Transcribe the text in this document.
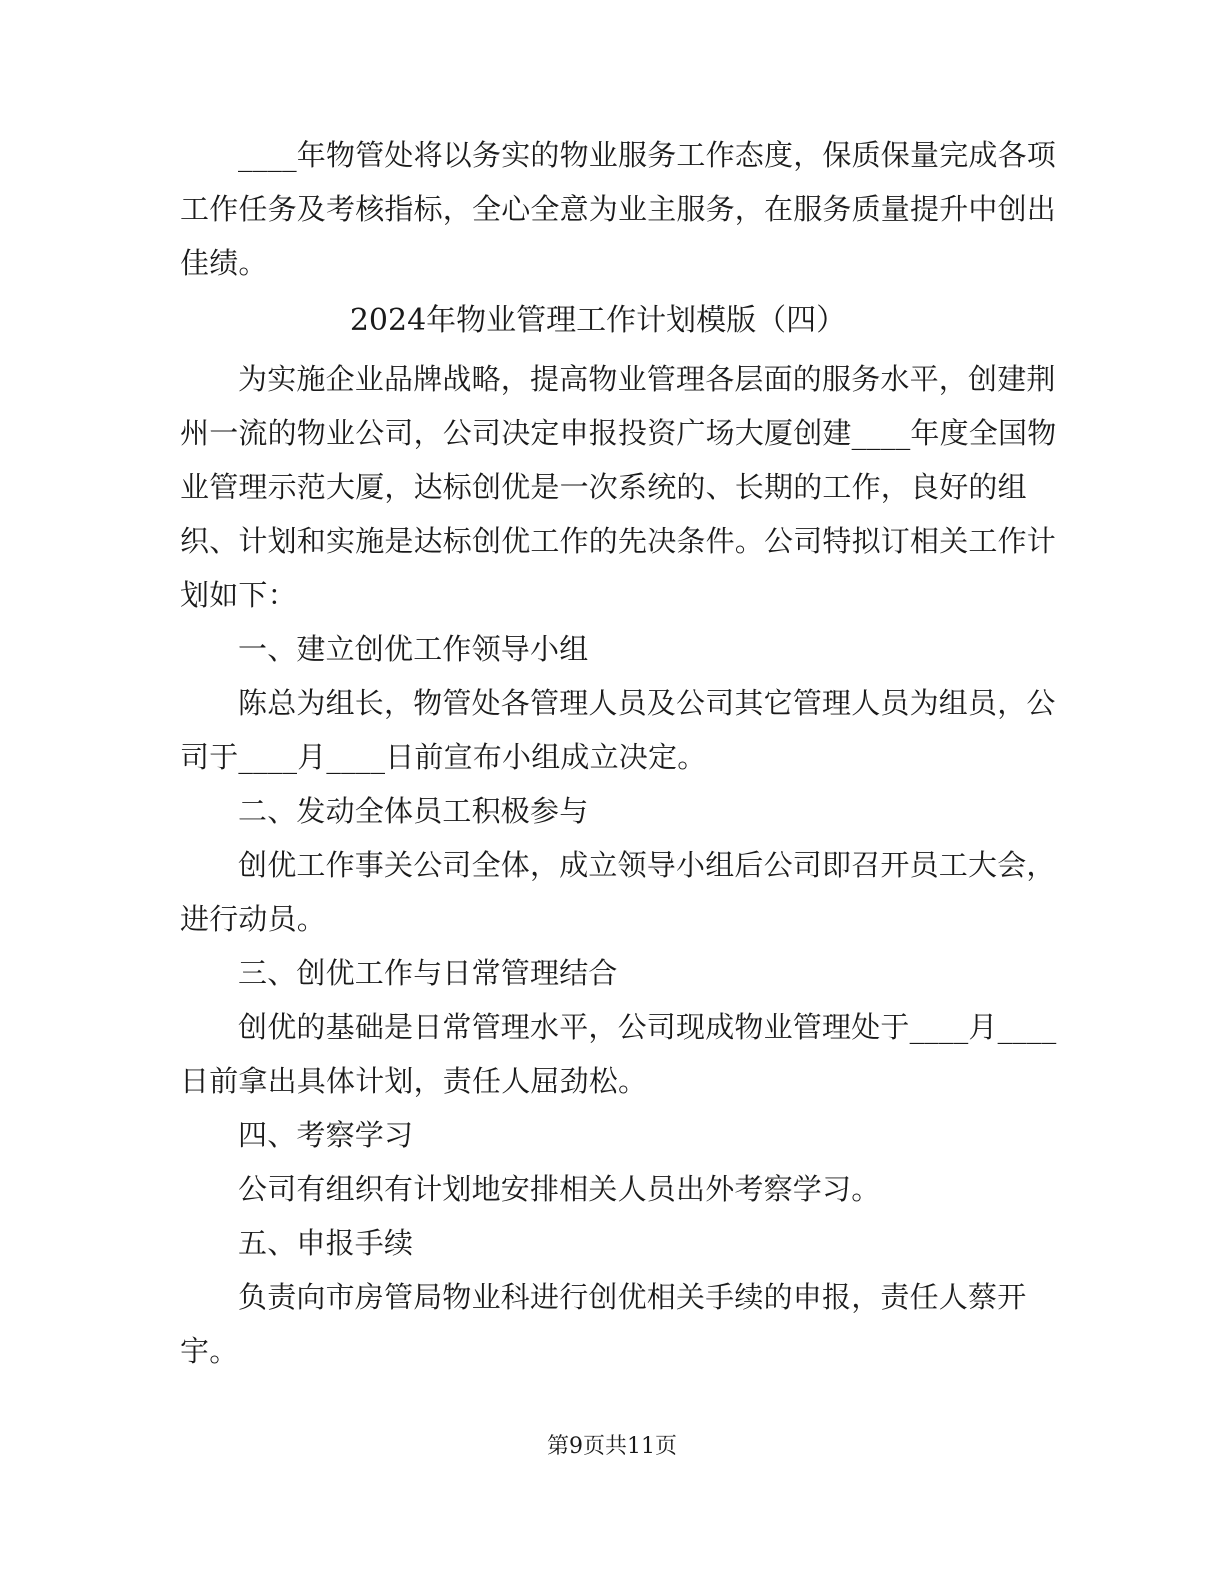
____年物管处将以务实的物业服务工作态度，保质保量完成各项
工作任务及考核指标，全心全意为业主服务，在服务质量提升中创出
佳绩。
2024年物业管理工作计划模版（四）
为实施企业品牌战略，提高物业管理各层面的服务水平，创建荆
州一流的物业公司，公司决定申报投资广场大厦创建____年度全国物
业管理示范大厦，达标创优是一次系统的、长期的工作，良好的组
织、计划和实施是达标创优工作的先决条件。公司特拟订相关工作计
划如下：
一、建立创优工作领导小组
陈总为组长，物管处各管理人员及公司其它管理人员为组员，公
司于____月____日前宣布小组成立决定。
二、发动全体员工积极参与
创优工作事关公司全体，成立领导小组后公司即召开员工大会，
进行动员。
三、创优工作与日常管理结合
创优的基础是日常管理水平，公司现成物业管理处于____月____
日前拿出具体计划，责任人屈劲松。
四、考察学习
公司有组织有计划地安排相关人员出外考察学习。
五、申报手续
负责向市房管局物业科进行创优相关手续的申报，责任人蔡开
宇。
第9页共11页
